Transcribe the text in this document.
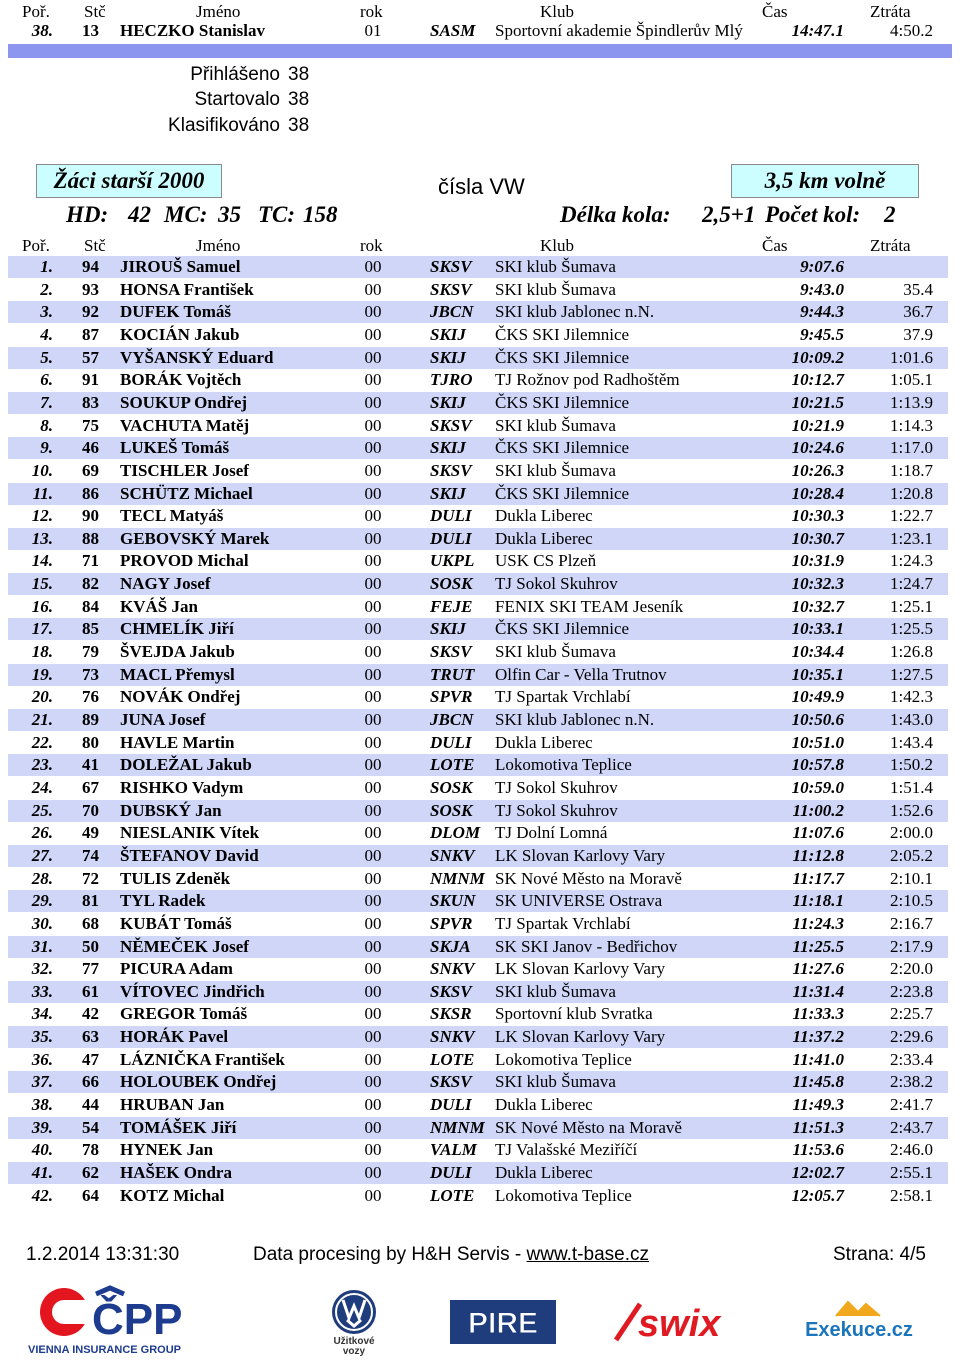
Poř. Stč	Jméno	rok	Klub	Čas	Ztráta
38.	13 HECZKO Stanislav	01	SASM Sportovní akademie Špindlerův Mlý	14:47.1	4:50.2
Přihlášeno 38
Startovalo 38
Klasifikováno 38
Žáci starší 2000	čísla VW	3,5 km volně
HD: 42 MC: 35 TC: 158	Délka kola: 2,5+1 Počet kol: 2
Poř. Stč	Jméno	rok	Klub	Čas	Ztráta
1.	94 JIROUŠ Samuel	00	SKSV SKI klub Šumava	9:07.6
2.	93 HONSA František	00	SKSV SKI klub Šumava	9:43.0	35.4
3.	92 DUFEK Tomáš	00	JBCN SKI klub Jablonec n.N.	9:44.3	36.7
4.	87 KOCIÁN Jakub	00	SKIJ ČKS SKI Jilemnice	9:45.5	37.9
5.	57 VYŠANSKÝ Eduard	00	SKIJ ČKS SKI Jilemnice	10:09.2	1:01.6
6.	91 BORÁK Vojtěch	00	TJRO TJ Rožnov pod Radhoštěm	10:12.7	1:05.1
7.	83 SOUKUP Ondřej	00	SKIJ ČKS SKI Jilemnice	10:21.5	1:13.9
8.	75 VACHUTA Matěj	00	SKSV SKI klub Šumava	10:21.9	1:14.3
9.	46 LUKEŠ Tomáš	00	SKIJ ČKS SKI Jilemnice	10:24.6	1:17.0
10.	69 TISCHLER Josef	00	SKSV SKI klub Šumava	10:26.3	1:18.7
11.	86 SCHÜTZ Michael	00	SKIJ ČKS SKI Jilemnice	10:28.4	1:20.8
12.	90 TECL Matyáš	00	DULI Dukla Liberec	10:30.3	1:22.7
13.	88 GEBOVSKÝ Marek	00	DULI Dukla Liberec	10:30.7	1:23.1
14.	71 PROVOD Michal	00	UKPL USK CS Plzeň	10:31.9	1:24.3
15.	82 NAGY Josef	00	SOSK TJ Sokol Skuhrov	10:32.3	1:24.7
16.	84 KVÁŠ Jan	00	FEJE FENIX SKI TEAM Jeseník	10:32.7	1:25.1
17.	85 CHMELÍK Jiří	00	SKIJ ČKS SKI Jilemnice	10:33.1	1:25.5
18.	79 ŠVEJDA Jakub	00	SKSV SKI klub Šumava	10:34.4	1:26.8
19.	73 MACL Přemysl	00	TRUT Olfin Car - Vella Trutnov	10:35.1	1:27.5
20.	76 NOVÁK Ondřej	00	SPVR TJ Spartak Vrchlabí	10:49.9	1:42.3
21.	89 JUNA Josef	00	JBCN SKI klub Jablonec n.N.	10:50.6	1:43.0
22.	80 HAVLE Martin	00	DULI Dukla Liberec	10:51.0	1:43.4
23.	41 DOLEŽAL Jakub	00	LOTE Lokomotiva Teplice	10:57.8	1:50.2
24.	67 RISHKO Vadym	00	SOSK TJ Sokol Skuhrov	10:59.0	1:51.4
25.	70 DUBSKÝ Jan	00	SOSK TJ Sokol Skuhrov	11:00.2	1:52.6
26.	49 NIESLANIK Vítek	00	DLOM TJ Dolní Lomná	11:07.6	2:00.0
27.	74 ŠTEFANOV David	00	SNKV LK Slovan Karlovy Vary	11:12.8	2:05.2
28.	72 TULIS Zdeněk	00	NMNM SK Nové Město na Moravě	11:17.7	2:10.1
29.	81 TYL Radek	00	SKUN SK UNIVERSE Ostrava	11:18.1	2:10.5
30.	68 KUBÁT Tomáš	00	SPVR TJ Spartak Vrchlabí	11:24.3	2:16.7
31.	50 NĚMEČEK Josef	00	SKJA SK SKI Janov - Bedřichov	11:25.5	2:17.9
32.	77 PICURA Adam	00	SNKV LK Slovan Karlovy Vary	11:27.6	2:20.0
33.	61 VÍTOVEC Jindřich	00	SKSV SKI klub Šumava	11:31.4	2:23.8
34.	42 GREGOR Tomáš	00	SKSR Sportovní klub Svratka	11:33.3	2:25.7
35.	63 HORÁK Pavel	00	SNKV LK Slovan Karlovy Vary	11:37.2	2:29.6
36.	47 LÁZNIČKA František	00	LOTE Lokomotiva Teplice	11:41.0	2:33.4
37.	66 HOLOUBEK Ondřej	00	SKSV SKI klub Šumava	11:45.8	2:38.2
38.	44 HRUBAN Jan	00	DULI Dukla Liberec	11:49.3	2:41.7
39.	54 TOMÁŠEK Jiří	00	NMNM SK Nové Město na Moravě	11:51.3	2:43.7
40.	78 HYNEK Jan	00	VALM TJ Valašské Meziříčí	11:53.6	2:46.0
41.	62 HAŠEK Ondra	00	DULI Dukla Liberec	12:02.7	2:55.1
42.	64 KOTZ Michal	00	LOTE Lokomotiva Teplice	12:05.7	2:58.1
1.2.2014 13:31:30	Data procesing by H&H Servis - www.t-base.cz	Strana: 4/5
ČPP
VIENNA INSURANCE GROUP
Užitkové
vozy
PIRE	swix	Exekuce.cz
